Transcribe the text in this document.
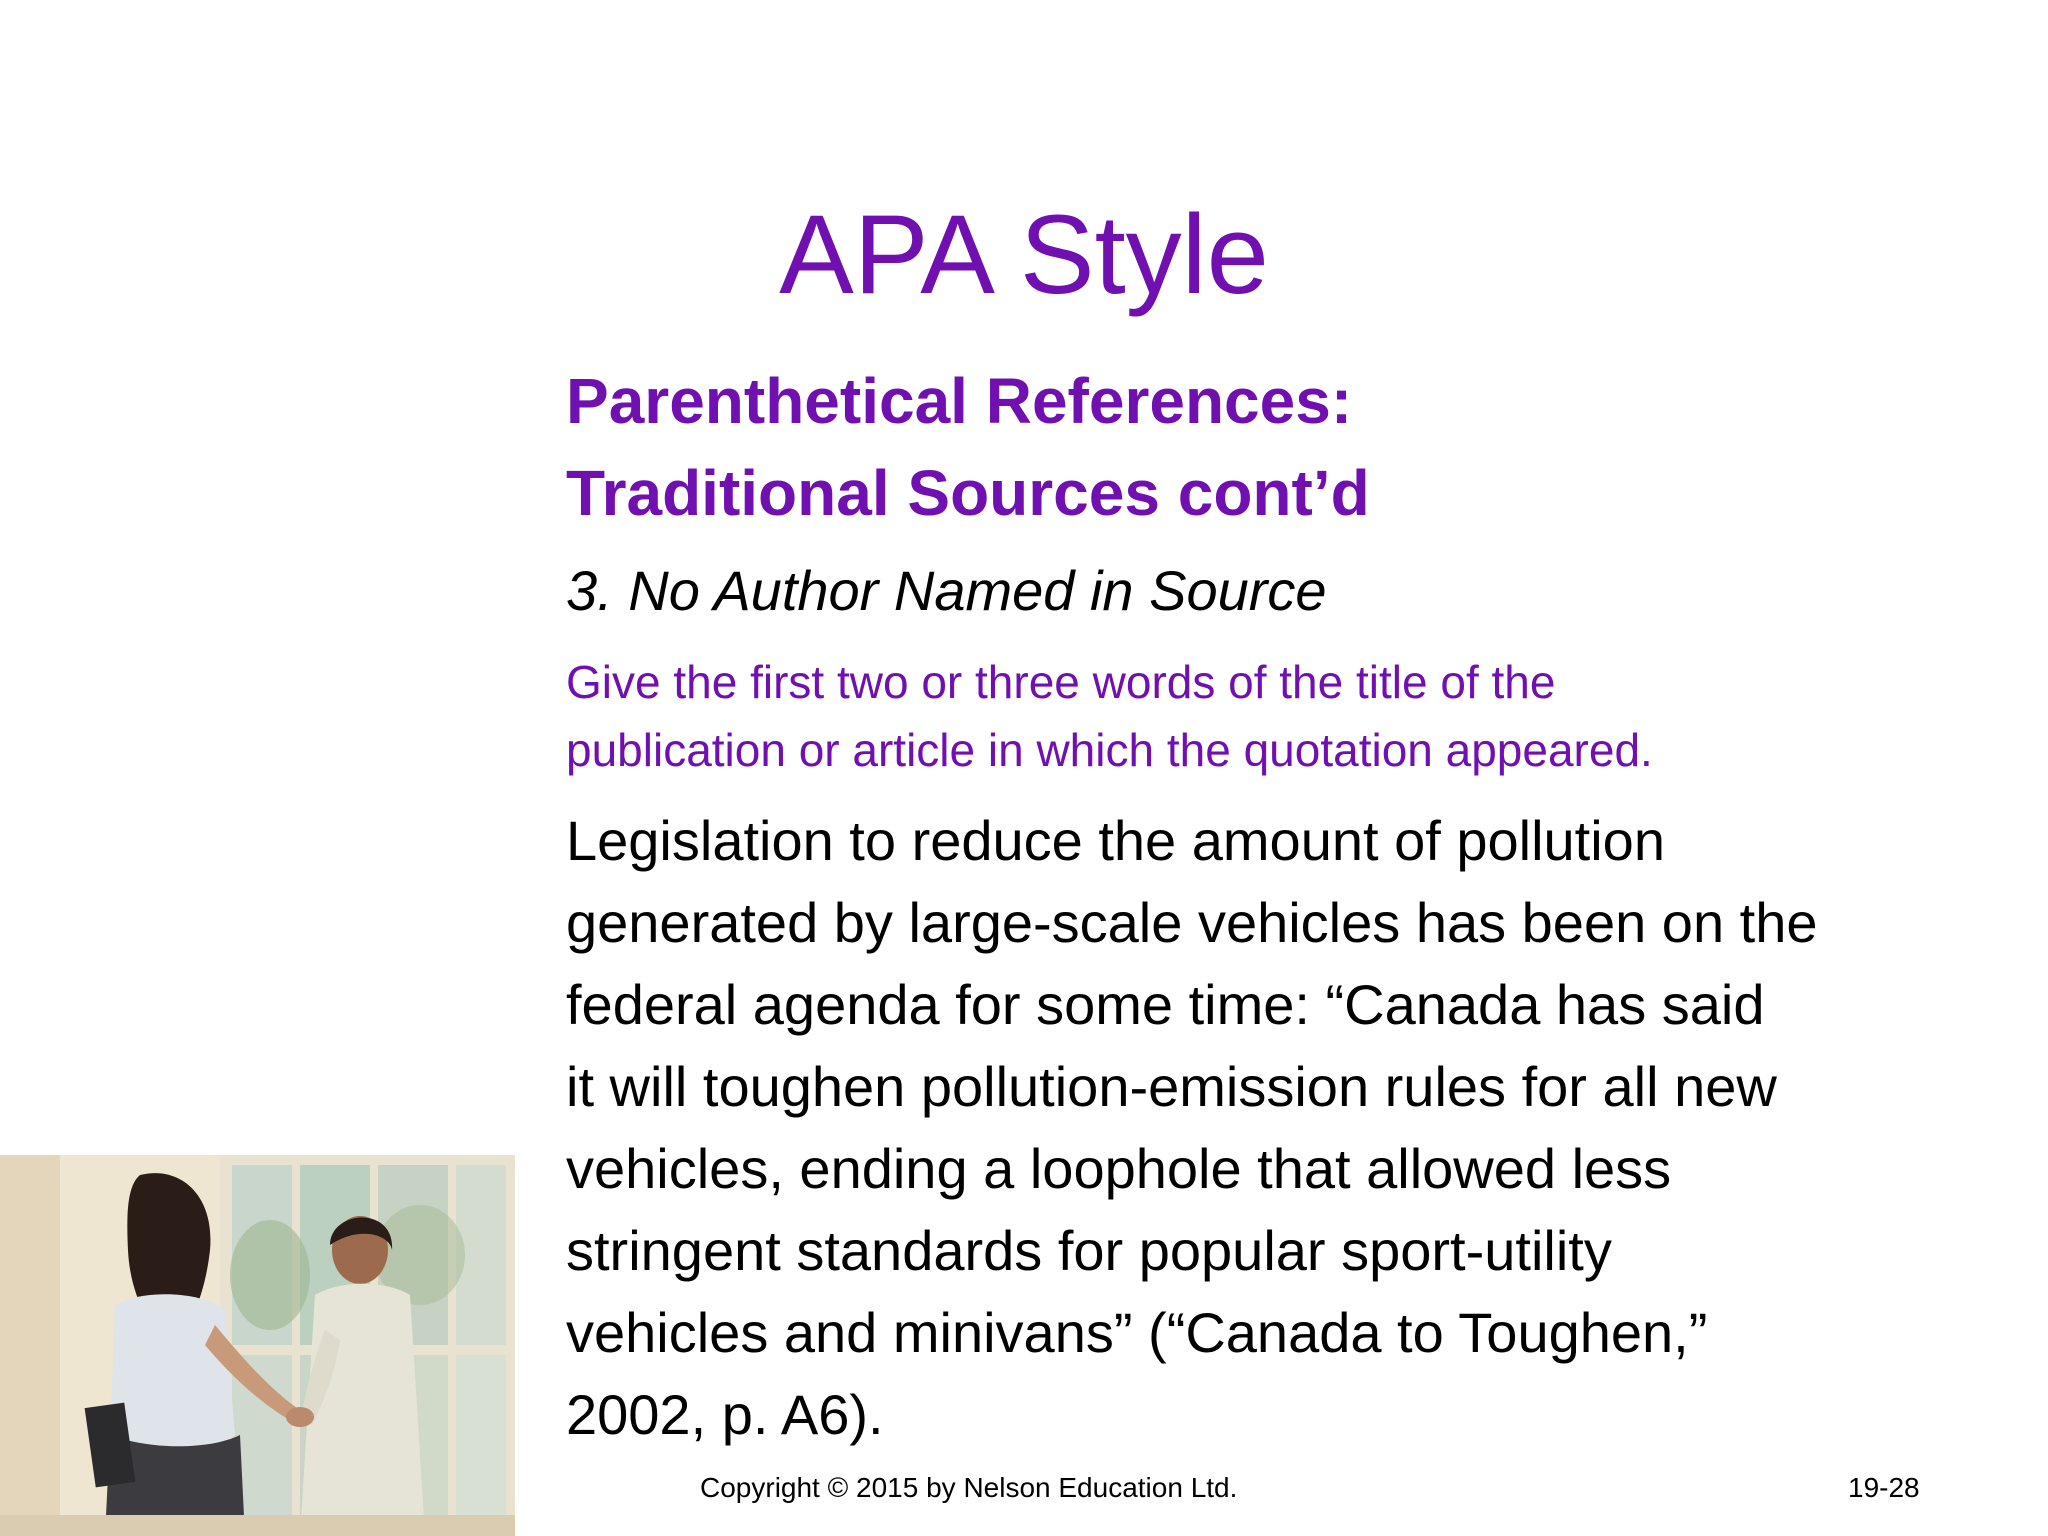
APA Style
Parenthetical References:
Traditional Sources cont’d

3. No Author Named in Source

Give the first two or three words of the title of the
publication or article in which the quotation appeared.

Legislation to reduce the amount of pollution
generated by large-scale vehicles has been on the
federal agenda for some time: “Canada has said
it will toughen pollution-emission rules for all new
vehicles, ending a loophole that allowed less
stringent standards for popular sport-utility
vehicles and minivans” (“Canada to Toughen,”
2002, p. A6).

Copyright © 2015 by Nelson Education Ltd.	19-28
